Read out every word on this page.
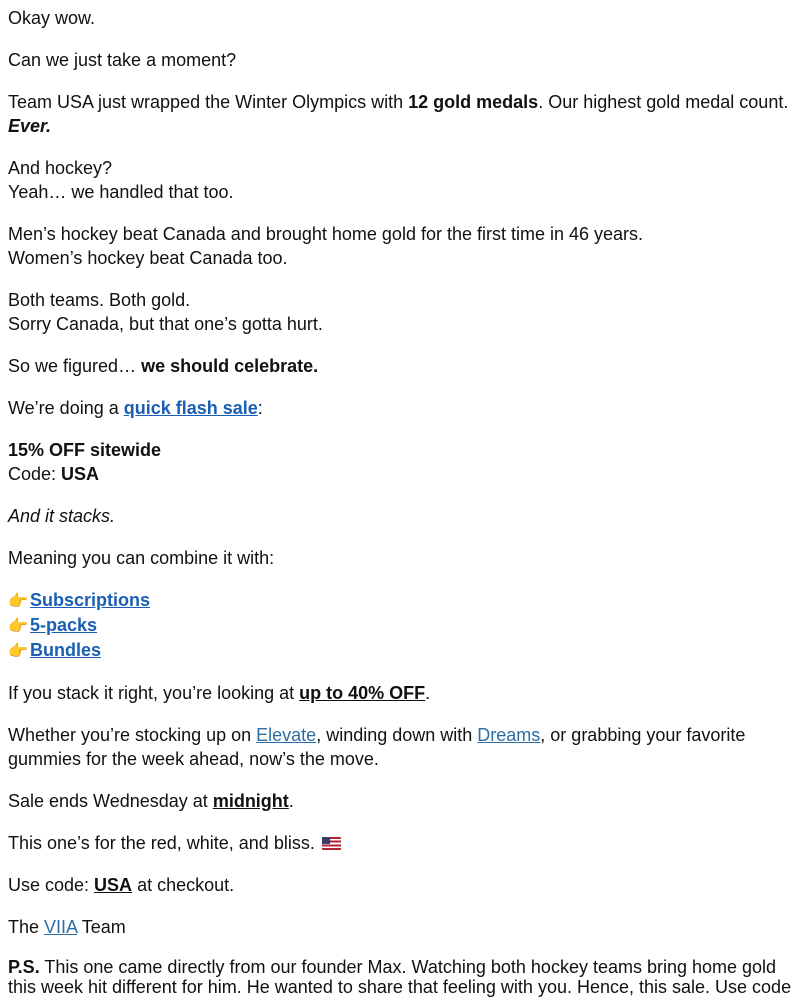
Okay wow.

Can we just take a moment?

Team USA just wrapped the Winter Olympics with 12 gold medals. Our highest gold medal count. Ever.

And hockey?
Yeah… we handled that too.

Men’s hockey beat Canada and brought home gold for the first time in 46 years.
Women’s hockey beat Canada too.

Both teams. Both gold.
Sorry Canada, but that one’s gotta hurt.

So we figured… we should celebrate.

We’re doing a quick flash sale:

15% OFF sitewide
Code: USA

And it stacks.

Meaning you can combine it with:

👉 Subscriptions
👉 5-packs
👉 Bundles

If you stack it right, you’re looking at up to 40% OFF.

Whether you’re stocking up on Elevate, winding down with Dreams, or grabbing your favorite gummies for the week ahead, now’s the move.

Sale ends Wednesday at midnight.

This one’s for the red, white, and bliss.

Use code: USA at checkout.

The VIIA Team

P.S. This one came directly from our founder Max. Watching both hockey teams bring home gold this week hit different for him. He wanted to share that feeling with you. Hence, this sale. Use code
